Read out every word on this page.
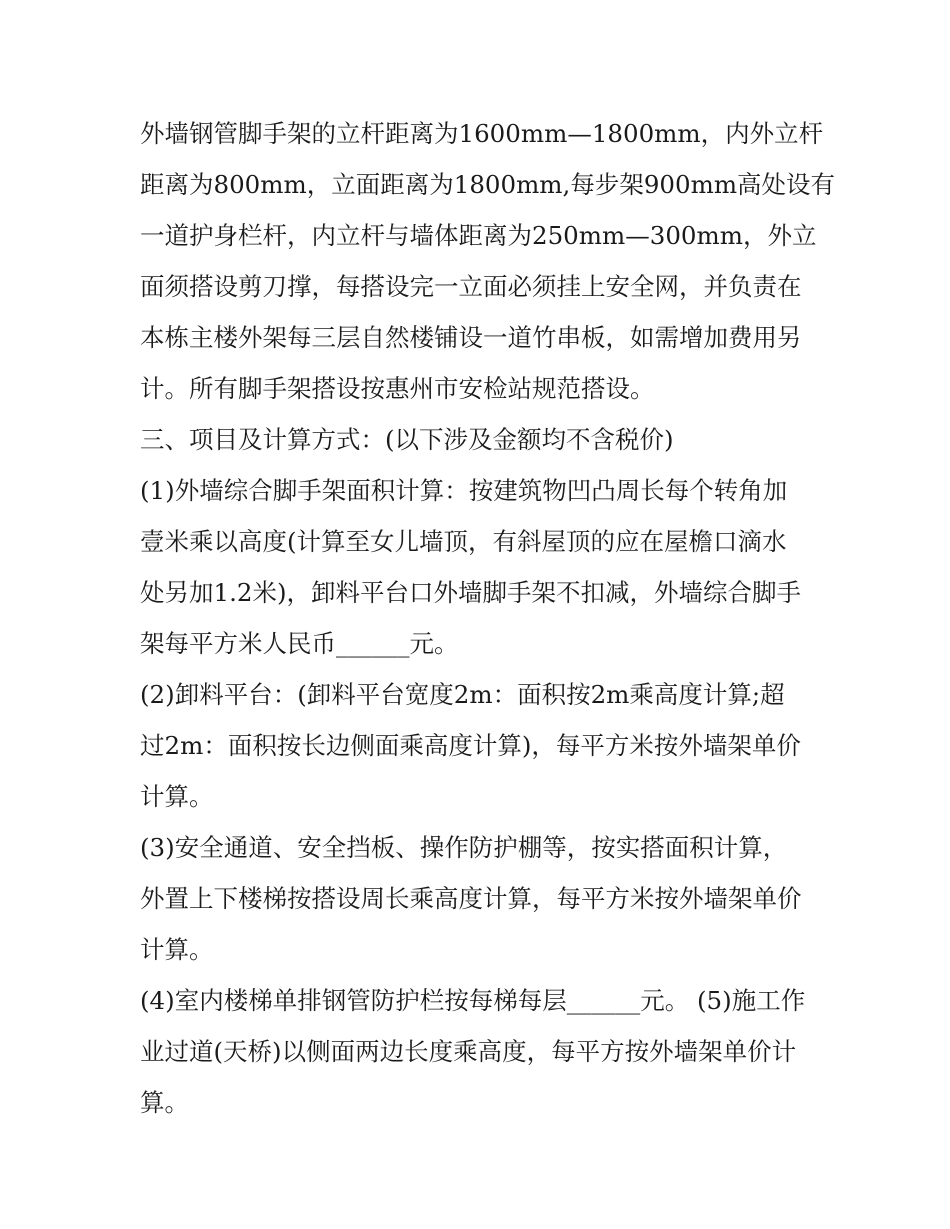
外墙钢管脚手架的立杆距离为1600mm—1800mm，内外立杆
距离为800mm，立面距离为1800mm,每步架900mm高处设有
一道护身栏杆，内立杆与墙体距离为250mm—300mm，外立
面须搭设剪刀撑，每搭设完一立面必须挂上安全网，并负责在
本栋主楼外架每三层自然楼铺设一道竹串板，如需增加费用另
计。所有脚手架搭设按惠州市安检站规范搭设。
三、项目及计算方式：(以下涉及金额均不含税价)
(1)外墙综合脚手架面积计算：按建筑物凹凸周长每个转角加
壹米乘以高度(计算至女儿墙顶，有斜屋顶的应在屋檐口滴水
处另加1.2米)，卸料平台口外墙脚手架不扣减，外墙综合脚手
架每平方米人民币______元。
(2)卸料平台：(卸料平台宽度2m：面积按2m乘高度计算;超
过2m：面积按长边侧面乘高度计算)，每平方米按外墙架单价
计算。
(3)安全通道、安全挡板、操作防护棚等，按实搭面积计算，
外置上下楼梯按搭设周长乘高度计算，每平方米按外墙架单价
计算。
(4)室内楼梯单排钢管防护栏按每梯每层______元。 (5)施工作
业过道(天桥)以侧面两边长度乘高度，每平方按外墙架单价计
算。
